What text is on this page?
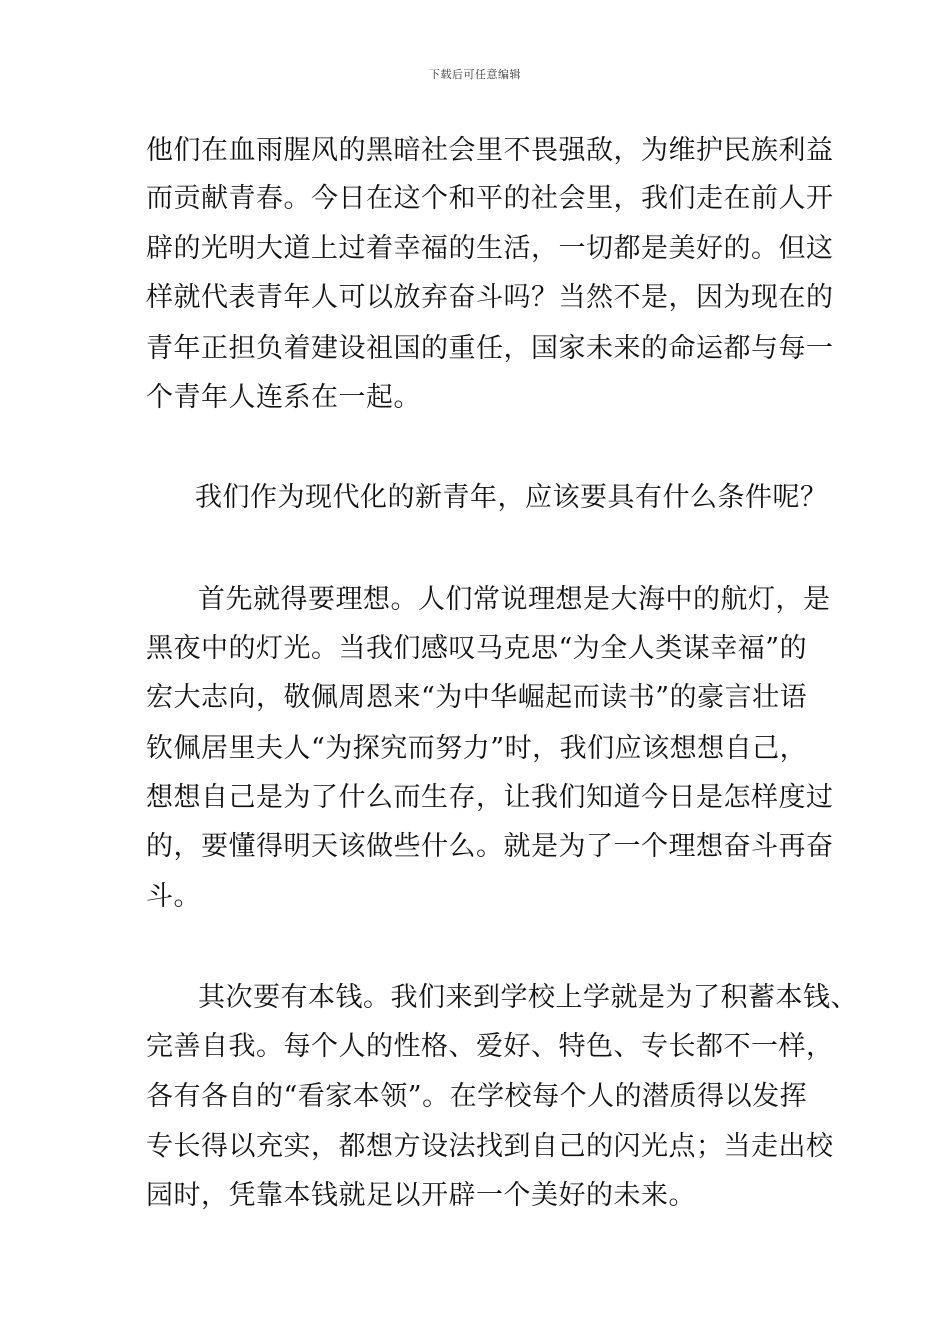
下载后可任意编辑
他们在血雨腥风的黑暗社会里不畏强敌，为维护民族利益
而贡献青春。今日在这个和平的社会里，我们走在前人开
辟的光明大道上过着幸福的生活，一切都是美好的。但这
样就代表青年人可以放弃奋斗吗？当然不是，因为现在的
青年正担负着建设祖国的重任，国家未来的命运都与每一
个青年人连系在一起。
我们作为现代化的新青年，应该要具有什么条件呢？
首先就得要理想。人们常说理想是大海中的航灯，是
黑夜中的灯光。当我们感叹马克思“为全人类谋幸福”的
宏大志向，敬佩周恩来“为中华崛起而读书”的豪言壮语
钦佩居里夫人“为探究而努力”时，我们应该想想自己，
想想自己是为了什么而生存，让我们知道今日是怎样度过
的，要懂得明天该做些什么。就是为了一个理想奋斗再奋
斗。
其次要有本钱。我们来到学校上学就是为了积蓄本钱、
完善自我。每个人的性格、爱好、特色、专长都不一样，
各有各自的“看家本领”。在学校每个人的潜质得以发挥
专长得以充实，都想方设法找到自己的闪光点；当走出校
园时，凭靠本钱就足以开辟一个美好的未来。
